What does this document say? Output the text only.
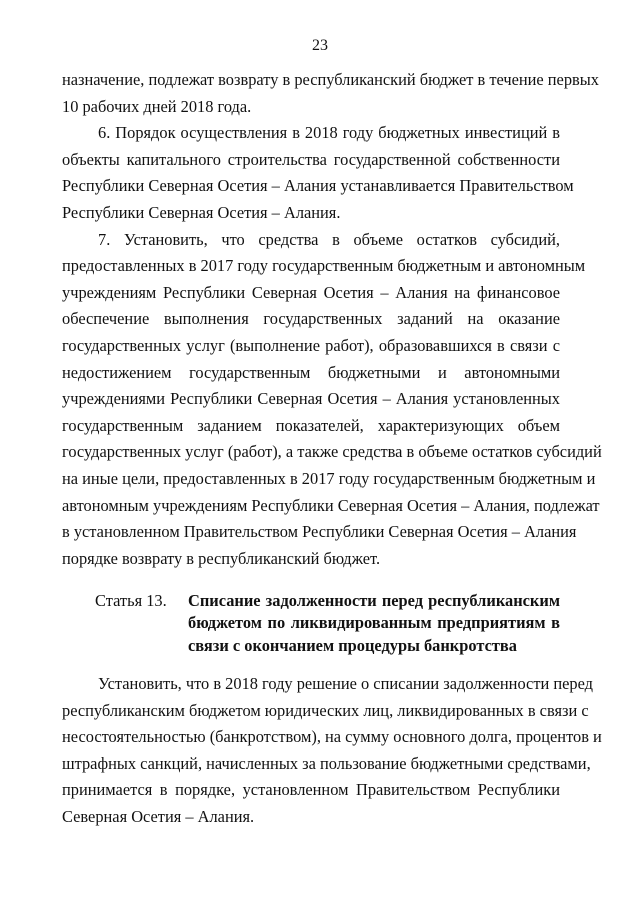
23
назначение, подлежат возврату в республиканский бюджет в течение первых
10 рабочих дней 2018 года.
6. Порядок осуществления в 2018 году бюджетных инвестиций в
объекты капитального строительства государственной собственности
Республики Северная Осетия – Алания устанавливается Правительством
Республики Северная Осетия – Алания.
7. Установить, что средства в объеме остатков субсидий,
предоставленных в 2017 году государственным бюджетным и автономным
учреждениям Республики Северная Осетия – Алания на финансовое
обеспечение выполнения государственных заданий на оказание
государственных услуг (выполнение работ), образовавшихся в связи с
недостижением государственным бюджетными и автономными
учреждениями Республики Северная Осетия – Алания установленных
государственным заданием показателей, характеризующих объем
государственных услуг (работ), а также средства в объеме остатков субсидий
на иные цели, предоставленных в 2017 году государственным бюджетным и
автономным учреждениям Республики Северная Осетия – Алания, подлежат
в установленном Правительством Республики Северная Осетия – Алания
порядке возврату в республиканский бюджет.
Статья 13. Списание задолженности перед республиканским
бюджетом по ликвидированным предприятиям в
связи с окончанием процедуры банкротства
Установить, что в 2018 году решение о списании задолженности перед
республиканским бюджетом юридических лиц, ликвидированных в связи с
несостоятельностью (банкротством), на сумму основного долга, процентов и
штрафных санкций, начисленных за пользование бюджетными средствами,
принимается в порядке, установленном Правительством Республики
Северная Осетия – Алания.
